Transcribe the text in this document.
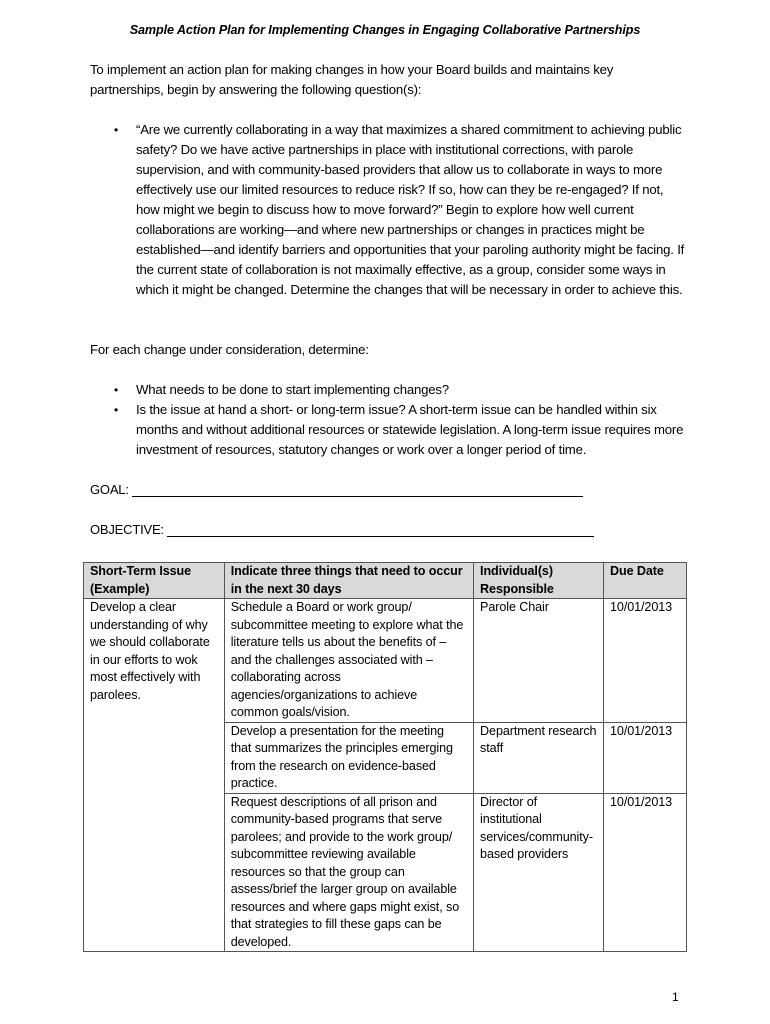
Sample Action Plan for Implementing Changes in Engaging Collaborative Partnerships
To implement an action plan for making changes in how your Board builds and maintains key partnerships, begin by answering the following question(s):
• “Are we currently collaborating in a way that maximizes a shared commitment to achieving public safety? Do we have active partnerships in place with institutional corrections, with parole supervision, and with community-based providers that allow us to collaborate in ways to more effectively use our limited resources to reduce risk? If so, how can they be re-engaged? If not, how might we begin to discuss how to move forward?” Begin to explore how well current collaborations are working—and where new partnerships or changes in practices might be established—and identify barriers and opportunities that your paroling authority might be facing. If the current state of collaboration is not maximally effective, as a group, consider some ways in which it might be changed. Determine the changes that will be necessary in order to achieve this.
For each change under consideration, determine:
• What needs to be done to start implementing changes?
• Is the issue at hand a short- or long-term issue? A short-term issue can be handled within six months and without additional resources or statewide legislation. A long-term issue requires more investment of resources, statutory changes or work over a longer period of time.
GOAL:
OBJECTIVE:
Short-Term Issue (Example)	Indicate three things that need to occur in the next 30 days	Individual(s) Responsible	Due Date
Develop a clear understanding of why we should collaborate in our efforts to wok most effectively with parolees.	Schedule a Board or work group/ subcommittee meeting to explore what the literature tells us about the benefits of – and the challenges associated with – collaborating across agencies/organizations to achieve common goals/vision.	Parole Chair	10/01/2013
	Develop a presentation for the meeting that summarizes the principles emerging from the research on evidence-based practice.	Department research staff	10/01/2013
	Request descriptions of all prison and community-based programs that serve parolees; and provide to the work group/ subcommittee reviewing available resources so that the group can assess/brief the larger group on available resources and where gaps might exist, so that strategies to fill these gaps can be developed.	Director of institutional services/community-based providers	10/01/2013
1
